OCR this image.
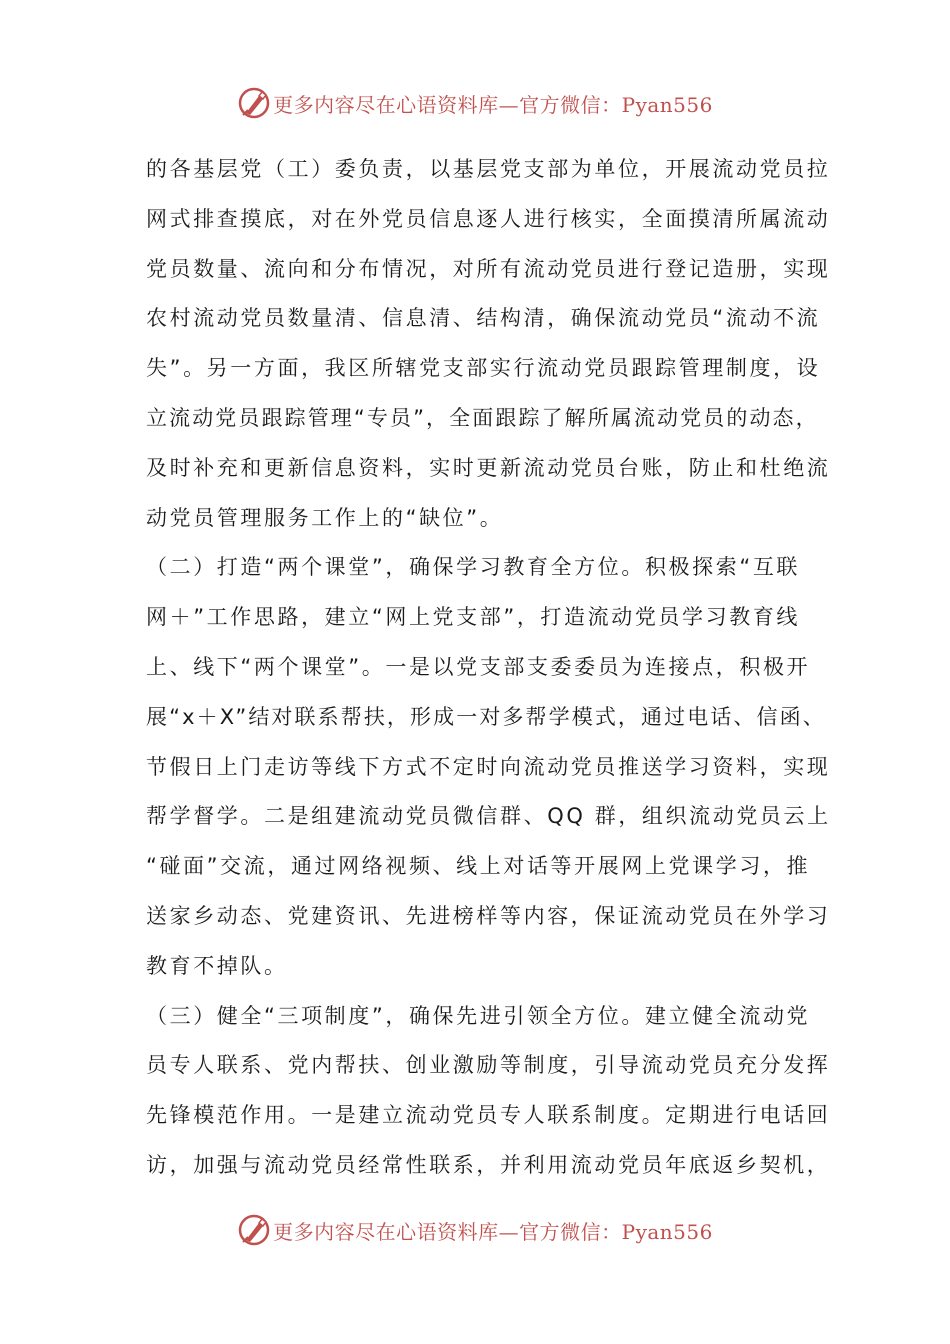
更多内容尽在心语资料库—官方微信：Pyan556
的各基层党（工）委负责，以基层党支部为单位，开展流动党员拉
网式排查摸底，对在外党员信息逐人进行核实，全面摸清所属流动
党员数量、流向和分布情况，对所有流动党员进行登记造册，实现
农村流动党员数量清、信息清、结构清，确保流动党员“流动不流
失”。另一方面，我区所辖党支部实行流动党员跟踪管理制度，设
立流动党员跟踪管理“专员”，全面跟踪了解所属流动党员的动态，
及时补充和更新信息资料，实时更新流动党员台账，防止和杜绝流
动党员管理服务工作上的“缺位”。
（二）打造“两个课堂”，确保学习教育全方位。积极探索“互联
网＋”工作思路，建立“网上党支部”，打造流动党员学习教育线
上、线下“两个课堂”。一是以党支部支委委员为连接点，积极开
展“x＋X”结对联系帮扶，形成一对多帮学模式，通过电话、信函、
节假日上门走访等线下方式不定时向流动党员推送学习资料，实现
帮学督学。二是组建流动党员微信群、QQ 群，组织流动党员云上
“碰面”交流，通过网络视频、线上对话等开展网上党课学习，推
送家乡动态、党建资讯、先进榜样等内容，保证流动党员在外学习
教育不掉队。
（三）健全“三项制度”，确保先进引领全方位。建立健全流动党
员专人联系、党内帮扶、创业激励等制度，引导流动党员充分发挥
先锋模范作用。一是建立流动党员专人联系制度。定期进行电话回
访，加强与流动党员经常性联系，并利用流动党员年底返乡契机，
更多内容尽在心语资料库—官方微信：Pyan556
